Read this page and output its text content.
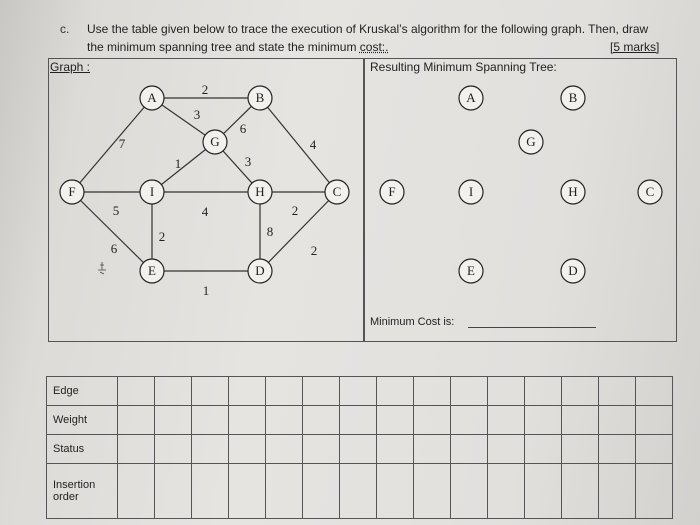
c. Use the table given below to trace the execution of Kruskal’s algorithm for the following graph. Then, draw
the minimum spanning tree and state the minimum cost:.	[5 marks]
Graph :	Resulting Minimum Spanning Tree:
Minimum Cost is:
2
3
6
7
1	3
4
5	4	2
2	8
6	2
1
A	B
G
F	I	H	C
E	D
A	B
G
F	I	H	C
E	D
Edge															
Weight															
Status															
Insertion order															
